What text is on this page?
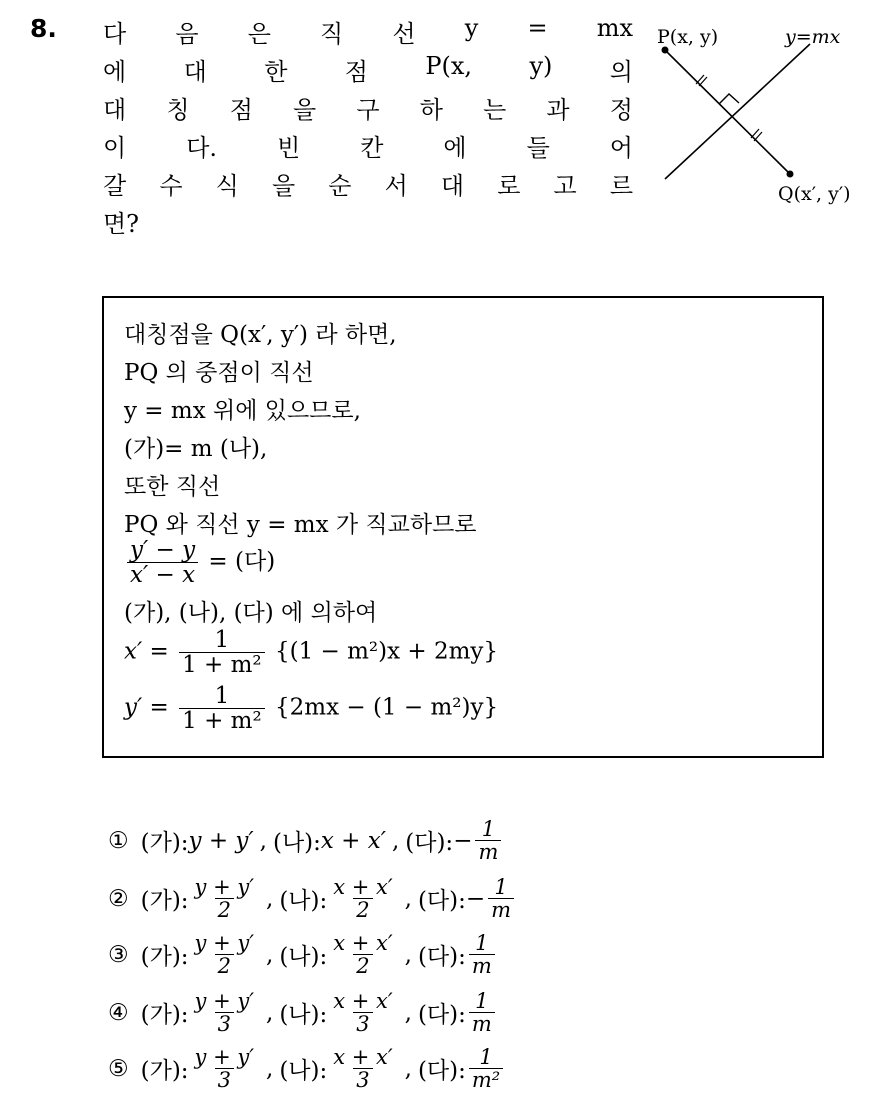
8. 다 음 은 직 선 y = mx
에 대 한 점 P(x, y) 의
대 칭 점 을 구 하 는 과 정
이	다.	빈	칸	에	들	어
갈 수 식 을 순 서 대 로 고 르
면?
P(x, y)	y=mx
Q(x′, y′)
대칭점을 Q(x′, y′) 라 하면,
PQ 의 중점이 직선
y = mx 위에 있으므로,
(가)= m (나),
또한 직선
PQ 와 직선 y = mx 가 직교하므로
$\frac{y' - y}{x' - x}$ = (다)
(가), (나), (다) 에 의하여
$x' = \frac{1}{\text{1 + m²}} \{(1 - m^2)x + 2my\}$
$y' = \frac{1}{\text{1 + m²}} \{2mx - (1 - m^2)y\}$
① (가): y + y′ , (나): x + x′ , (다): − $\frac{1}{m}$
② (가): $\frac{y + y'}{2}$ , (나): $\frac{x + x'}{2}$ , (다): − $\frac{1}{m}$
③ (가): $\frac{y + y'}{2}$ , (나): $\frac{x + x'}{2}$ , (다): $\frac{1}{m}$
④ (가): $\frac{y + y'}{3}$ , (나): $\frac{x + x'}{3}$ , (다): $\frac{1}{m}$
⑤ (가): $\frac{y + y'}{3}$ , (나): $\frac{x + x'}{3}$ , (다): $\frac{1}{\text{m²}}$
